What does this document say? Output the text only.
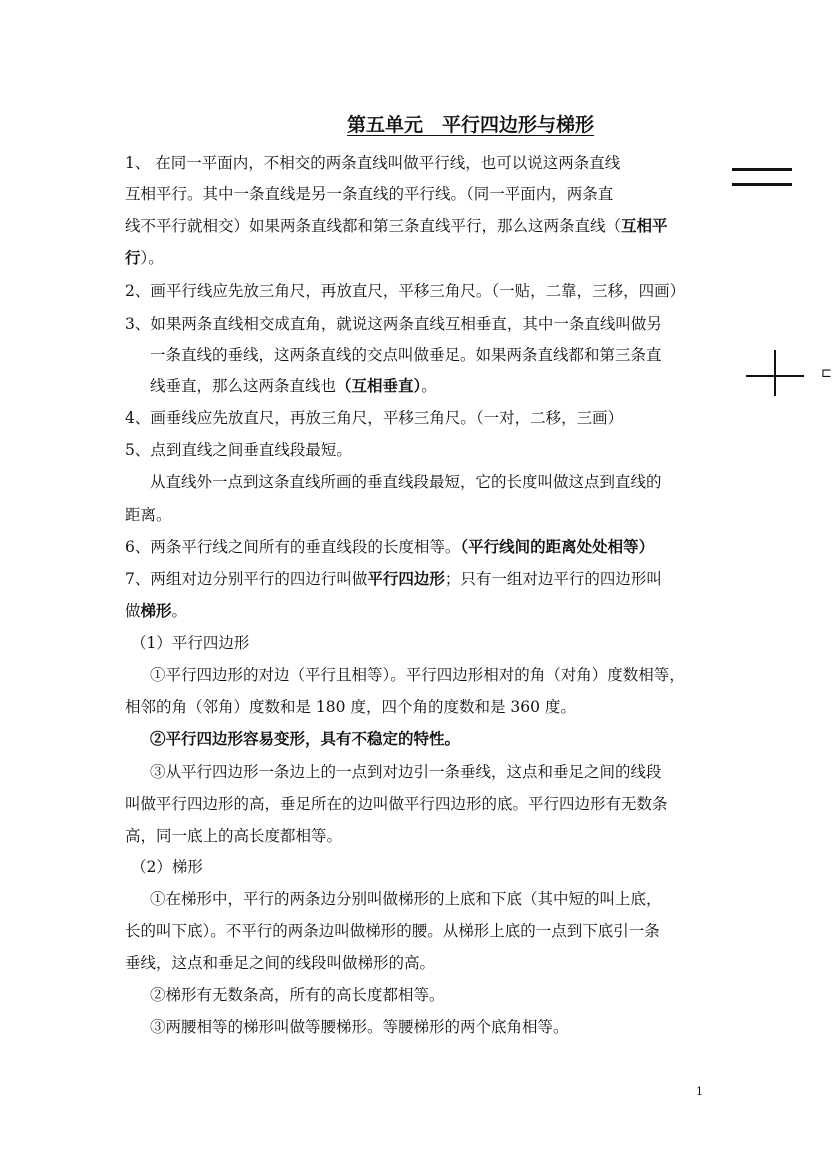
第五单元　平行四边形与梯形
1、 在同一平面内，不相交的两条直线叫做平行线，也可以说这两条直线
互相平行。其中一条直线是另一条直线的平行线。（同一平面内，两条直
线不平行就相交）如果两条直线都和第三条直线平行，那么这两条直线（互相平
行）。
2、画平行线应先放三角尺，再放直尺，平移三角尺。（一贴，二靠，三移，四画）
3、如果两条直线相交成直角，就说这两条直线互相垂直，其中一条直线叫做另
一条直线的垂线，这两条直线的交点叫做垂足。如果两条直线都和第三条直
线垂直，那么这两条直线也（互相垂直）。
4、画垂线应先放直尺，再放三角尺，平移三角尺。（一对，二移，三画）
5、点到直线之间垂直线段最短。
从直线外一点到这条直线所画的垂直线段最短，它的长度叫做这点到直线的
距离。
6、两条平行线之间所有的垂直线段的长度相等。（平行线间的距离处处相等）
7、两组对边分别平行的四边行叫做平行四边形；只有一组对边平行的四边形叫
做梯形。
（1）平行四边形
①平行四边形的对边（平行且相等）。平行四边形相对的角（对角）度数相等，
相邻的角（邻角）度数和是 180 度，四个角的度数和是 360 度。
②平行四边形容易变形，具有不稳定的特性。
③从平行四边形一条边上的一点到对边引一条垂线，这点和垂足之间的线段
叫做平行四边形的高，垂足所在的边叫做平行四边形的底。平行四边形有无数条
高，同一底上的高长度都相等。
（2）梯形
①在梯形中，平行的两条边分别叫做梯形的上底和下底（其中短的叫上底，
长的叫下底）。不平行的两条边叫做梯形的腰。从梯形上底的一点到下底引一条
垂线，这点和垂足之间的线段叫做梯形的高。
②梯形有无数条高，所有的高长度都相等。
③两腰相等的梯形叫做等腰梯形。等腰梯形的两个底角相等。
⊏
1
